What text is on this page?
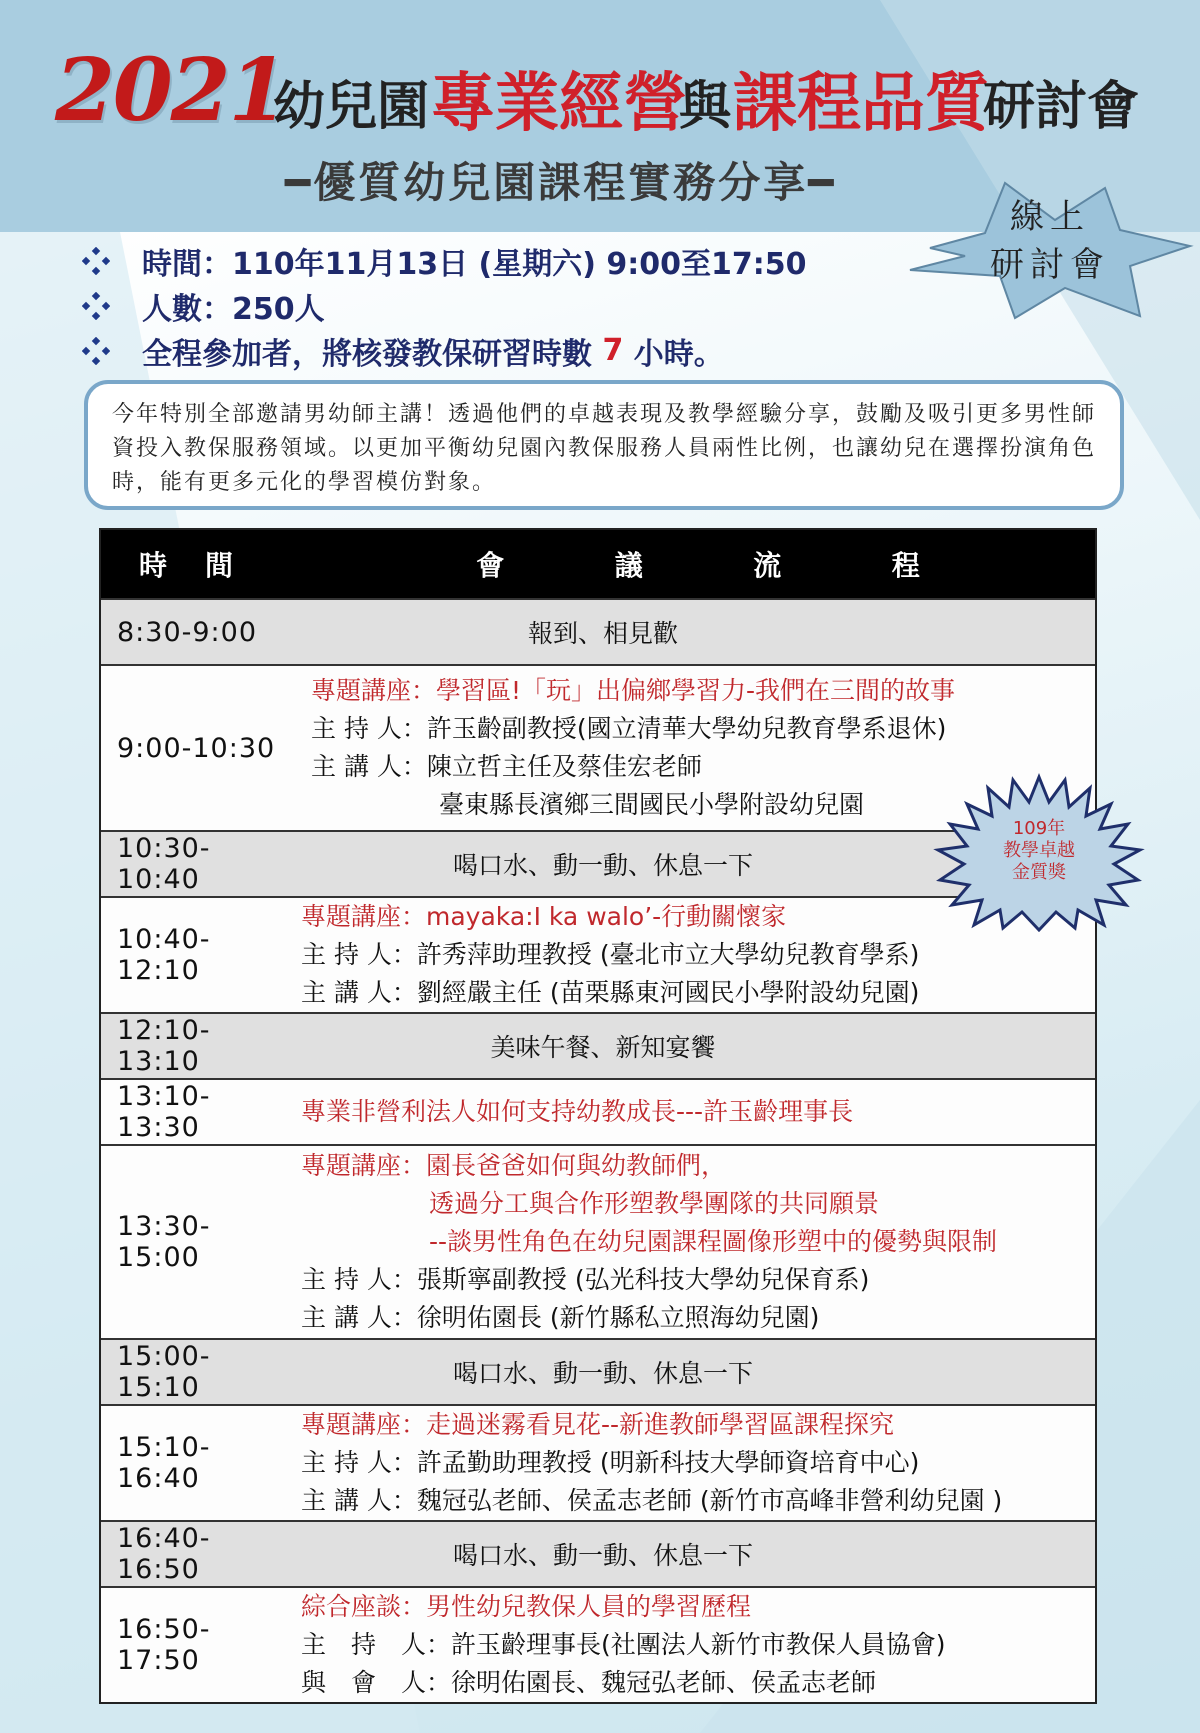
2021
幼兒園 專業經營
與 課程品質
研討會
━優質幼兒園課程實務分享━
線上
研討會
時間：110年11月13日 (星期六) 9:00至17:50
人數：250人
全程參加者，將核發教保研習時數
7
小時。
今年特別全部邀請男幼師主講！透過他們的卓越表現及教學經驗分享，鼓勵及吸引更多男性師資投入教保服務領域。以更加平衡幼兒園內教保服務人員兩性比例，也讓幼兒在選擇扮演角色時，能有更多元化的學習模仿對象。
時間	會	議	流	程
8:30-9:00	報到、相見歡
9:00-10:30
專題講座：學習區!「玩」出偏鄉學習力-我們在三間的故事
主 持 人：許玉齡副教授(國立清華大學幼兒教育學系退休)
主 講 人：陳立哲主任及蔡佳宏老師
臺東縣長濱鄉三間國民小學附設幼兒園
10:30-10:40	喝口水、動一動、休息一下
10:40-12:10
專題講座：mayaka:I ka walo’-行動關懷家
主 持 人：許秀萍助理教授 (臺北市立大學幼兒教育學系)
主 講 人：劉經嚴主任 (苗栗縣東河國民小學附設幼兒園)
12:10-13:10	美味午餐、新知宴饗
13:10-13:30
專業非營利法人如何支持幼教成長---許玉齡理事長
13:30-15:00
專題講座：園長爸爸如何與幼教師們，
透過分工與合作形塑教學團隊的共同願景
--談男性角色在幼兒園課程圖像形塑中的優勢與限制
主 持 人：張斯寧副教授 (弘光科技大學幼兒保育系)
主 講 人：徐明佑園長 (新竹縣私立照海幼兒園)
15:00-15:10	喝口水、動一動、休息一下
15:10-16:40
專題講座：走過迷霧看見花--新進教師學習區課程探究
主 持 人：許孟勤助理教授 (明新科技大學師資培育中心)
主 講 人：魏冠弘老師、侯孟志老師 (新竹市高峰非營利幼兒園 )
16:40-16:50	喝口水、動一動、休息一下
16:50-17:50
綜合座談：男性幼兒教保人員的學習歷程
主　持　人：許玉齡理事長(社團法人新竹市教保人員協會)
與　會　人：徐明佑園長、魏冠弘老師、侯孟志老師
109年
教學卓越
金質獎
